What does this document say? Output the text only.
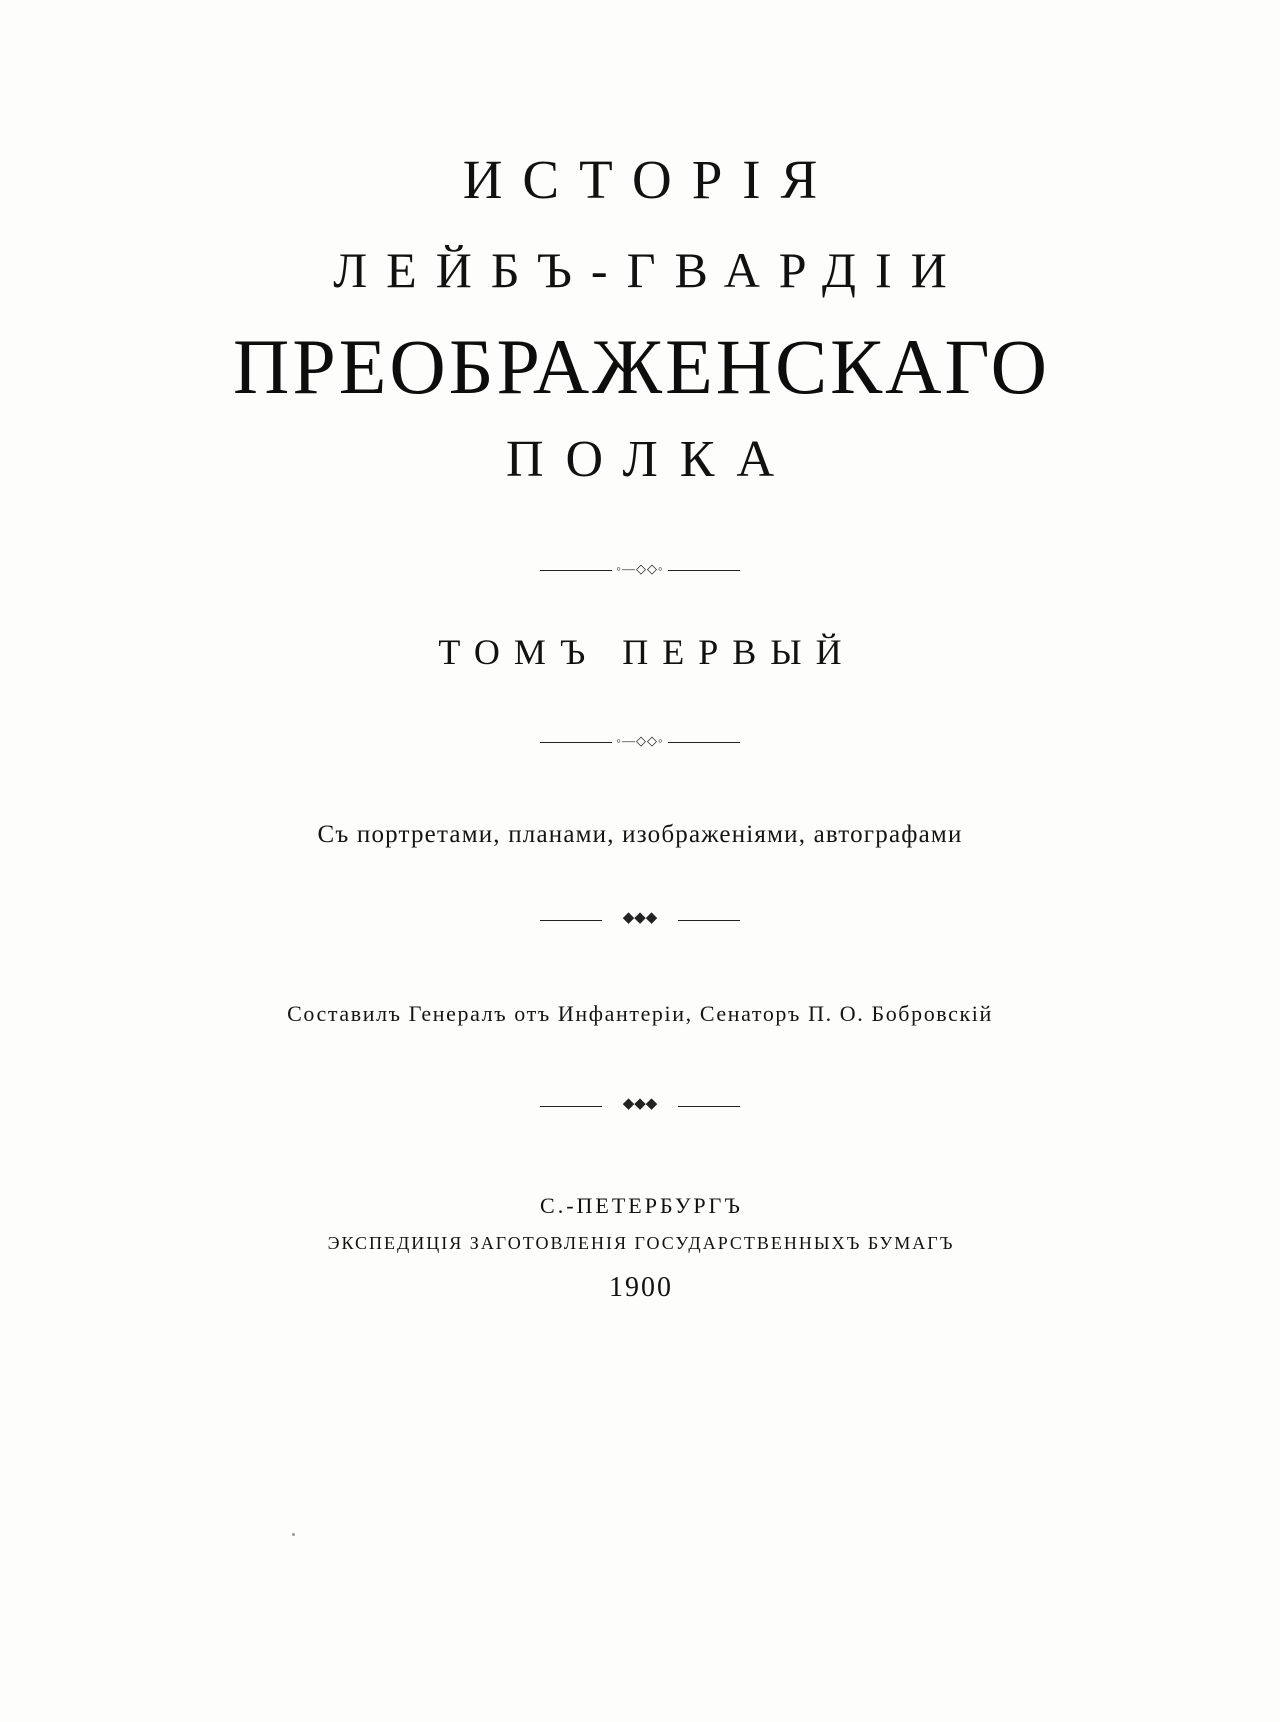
ИСТОРІЯ
ЛЕЙБЪ-ГВАРДІИ
ПРЕОБРАЖЕНСКАГО
ПОЛКА
◦—◇◇◦
ТОМЪ ПЕРВЫЙ
◦—◇◇◦
Съ портретами, планами, изображеніями, автографами
◆◆◆
Составилъ Генералъ отъ Инфантеріи, Сенаторъ П. О. Бобровскій
◆◆◆
С.-ПЕТЕРБУРГЪ
ЭКСПЕДИЦІЯ ЗАГОТОВЛЕНІЯ ГОСУДАРСТВЕННЫХЪ БУМАГЪ
1900
